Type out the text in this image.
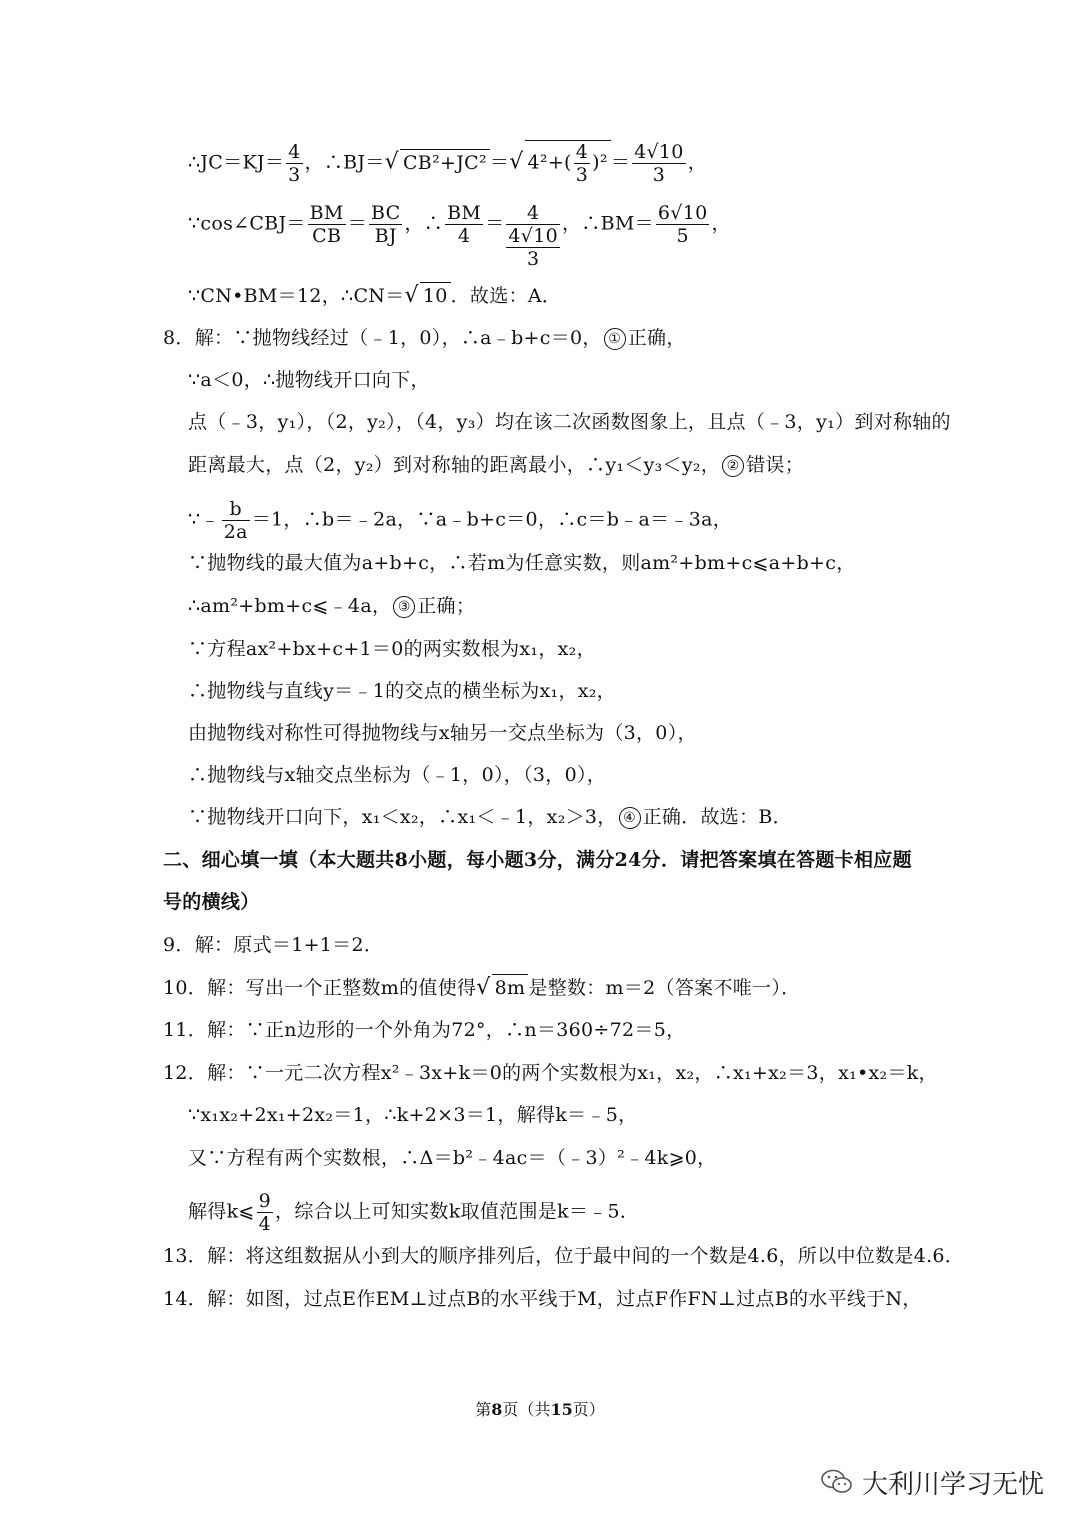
∴JC＝KJ＝ $\frac{4}{3}$ ，∴BJ＝√ CB²+JC² ＝√ $4^2+( \frac{4}{3} )^2 = \frac{4√10}{3}$ ，
∵cos∠CBJ＝ $\frac{BM}{CB} = \frac{BC}{BJ}$ ，∴ $\frac{BM}{4}$ ＝	4
4√10
3
，∴BM＝ $\frac{6√10}{5}$ ，
∵CN•BM＝12，∴CN＝√ 10 ．故选：A．
8．解：∵抛物线经过（﹣1，0），∴a﹣b+c＝0， ① 正确，
∵a＜0，∴抛物线开口向下，
点（﹣3，y₁），（2，y₂），（4，y₃）均在该二次函数图象上，且点（﹣3，y₁）到对称轴的
距离最大，点（2，y₂）到对称轴的距离最小，∴y₁＜y₃＜y₂， ② 错误；
∵﹣ $\frac{b}{2a} =1$，∴b＝﹣2a，∵a﹣b+c＝0，∴c＝b﹣a＝﹣3a，
∵抛物线的最大值为a+b+c，∴若m为任意实数，则am²+bm+c⩽a+b+c，
∴am²+bm+c⩽﹣4a， ③ 正确；
∵方程ax²+bx+c+1＝0的两实数根为x₁，x₂，
∴抛物线与直线y＝﹣1的交点的横坐标为x₁，x₂，
由抛物线对称性可得抛物线与x轴另一交点坐标为（3，0），
∴抛物线与x轴交点坐标为（﹣1，0），（3，0），
∵抛物线开口向下，x₁＜x₂，∴x₁＜﹣1，x₂＞3， ④ 正确．故选：B．
二、细心填一填（本大题共8小题，每小题3分，满分24分．请把答案填在答题卡相应题
号的横线）
9．解：原式＝1+1＝2．
10．解：写出一个正整数m的值使得√ 8m 是整数：m＝2（答案不唯一）．
11．解：∵正n边形的一个外角为72°，∴n＝360÷72＝5，
12．解：∵一元二次方程x²﹣3x+k＝0的两个实数根为x₁，x₂，∴x₁+x₂＝3，x₁•x₂＝k，
∵x₁x₂+2x₁+2x₂＝1，∴k+2×3＝1，解得k＝﹣5，
又∵方程有两个实数根，∴Δ＝b²﹣4ac＝（﹣3）²﹣4k⩾0，
解得k⩽ $\frac{9}{4}$ ，综合以上可知实数k取值范围是k＝﹣5．
13．解：将这组数据从小到大的顺序排列后，位于最中间的一个数是4.6，所以中位数是4.6．
14．解：如图，过点E作EM⊥过点B的水平线于M，过点F作FN⊥过点B的水平线于N，
第8页（共15页）
大利川学习无忧
